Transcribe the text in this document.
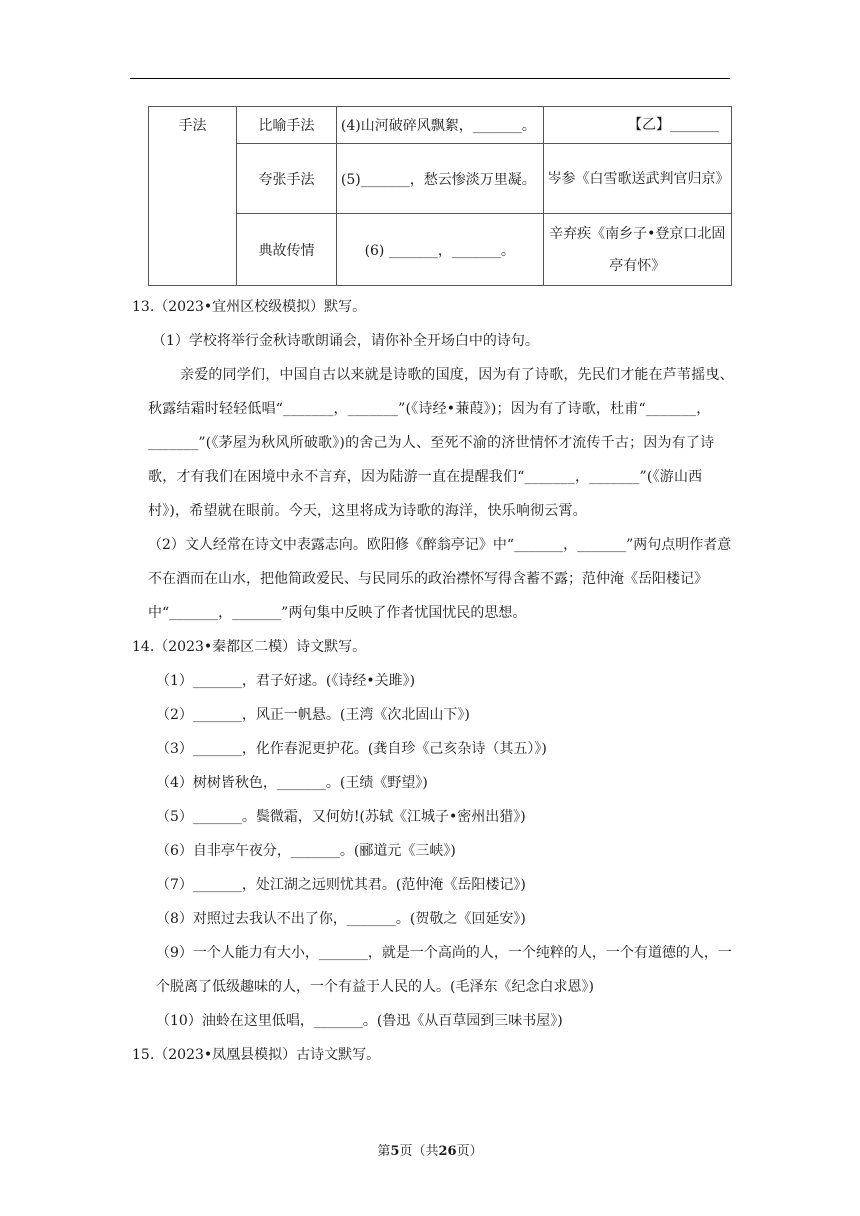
手法	比喻手法	(4)山河破碎风飘絮，_______。	【乙】_______
	夸张手法	(5)_______，愁云惨淡万里凝。	岑参《白雪歌送武判官归京》
	典故传情	(6) _______，_______。	辛弃疾《南乡子•登京口北固亭有怀》
13.（2023•宜州区校级模拟）默写。
（1）学校将举行金秋诗歌朗诵会，请你补全开场白中的诗句。
亲爱的同学们，中国自古以来就是诗歌的国度，因为有了诗歌，先民们才能在芦苇摇曳、秋露结霜时轻轻低唱“_______，_______”(《诗经•蒹葭》)；因为有了诗歌，杜甫“_______，_______”(《茅屋为秋风所破歌》)的舍己为人、至死不渝的济世情怀才流传千古；因为有了诗歌，才有我们在困境中永不言弃，因为陆游一直在提醒我们“_______，_______”(《游山西村》)，希望就在眼前。今天，这里将成为诗歌的海洋，快乐响彻云霄。
（2）文人经常在诗文中表露志向。欧阳修《醉翁亭记》中“_______，_______”两句点明作者意不在酒而在山水，把他简政爱民、与民同乐的政治襟怀写得含蓄不露；范仲淹《岳阳楼记》中“_______，_______”两句集中反映了作者忧国忧民的思想。
14.（2023•秦都区二模）诗文默写。
（1）_______，君子好逑。(《诗经•关雎》)
（2）_______，风正一帆悬。(王湾《次北固山下》)
（3）_______，化作春泥更护花。(龚自珍《己亥杂诗（其五）》)
（4）树树皆秋色，_______。(王绩《野望》)
（5）_______。鬓微霜，又何妨!(苏轼《江城子•密州出猎》)
（6）自非亭午夜分，_______。(郦道元《三峡》)
（7）_______，处江湖之远则忧其君。(范仲淹《岳阳楼记》)
（8）对照过去我认不出了你，_______。(贺敬之《回延安》)
（9）一个人能力有大小，_______，就是一个高尚的人，一个纯粹的人，一个有道德的人，一个脱离了低级趣味的人，一个有益于人民的人。(毛泽东《纪念白求恩》)
（10）油蛉在这里低唱，_______。(鲁迅《从百草园到三味书屋》)
15.（2023•凤凰县模拟）古诗文默写。
第5页（共26页）
